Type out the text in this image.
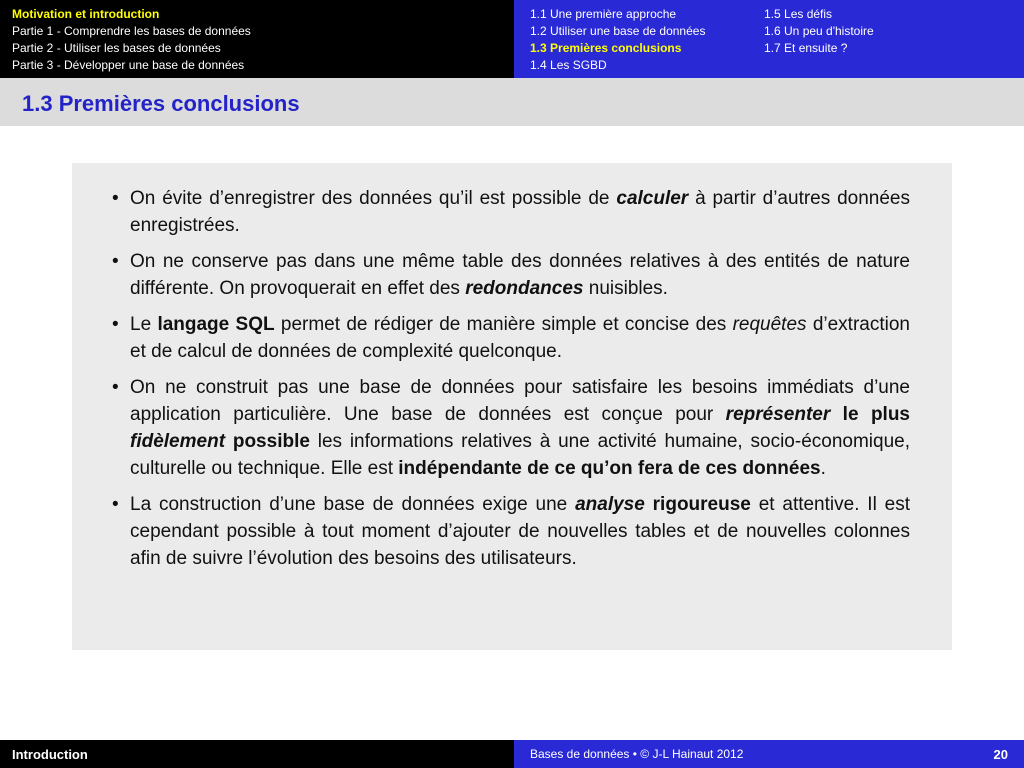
Motivation et introduction
Partie 1 - Comprendre les bases de données
Partie 2 - Utiliser les bases de données
Partie 3 - Développer une base de données
1.1 Une première approche
1.2 Utiliser une base de données
1.3 Premières conclusions
1.4 Les SGBD
1.5 Les défis
1.6 Un peu d'histoire
1.7 Et ensuite ?
1.3 Premières conclusions
• On évite d’enregistrer des données qu’il est possible de calculer à partir d’autres données enregistrées.
• On ne conserve pas dans une même table des données relatives à des entités de nature différente. On provoquerait en effet des redondances nuisibles.
• Le langage SQL permet de rédiger de manière simple et concise des requêtes d’extraction et de calcul de données de complexité quelconque.
• On ne construit pas une base de données pour satisfaire les besoins immédiats d’une application particulière. Une base de données est conçue pour représenter le plus fidèlement possible les informations relatives à une activité humaine, socio-économique, culturelle ou technique. Elle est indépendante de ce qu’on fera de ces données.
• La construction d’une base de données exige une analyse rigoureuse et attentive. Il est cependant possible à tout moment d’ajouter de nouvelles tables et de nouvelles colonnes afin de suivre l’évolution des besoins des utilisateurs.
Introduction	Bases de données • © J-L Hainaut 2012	20
